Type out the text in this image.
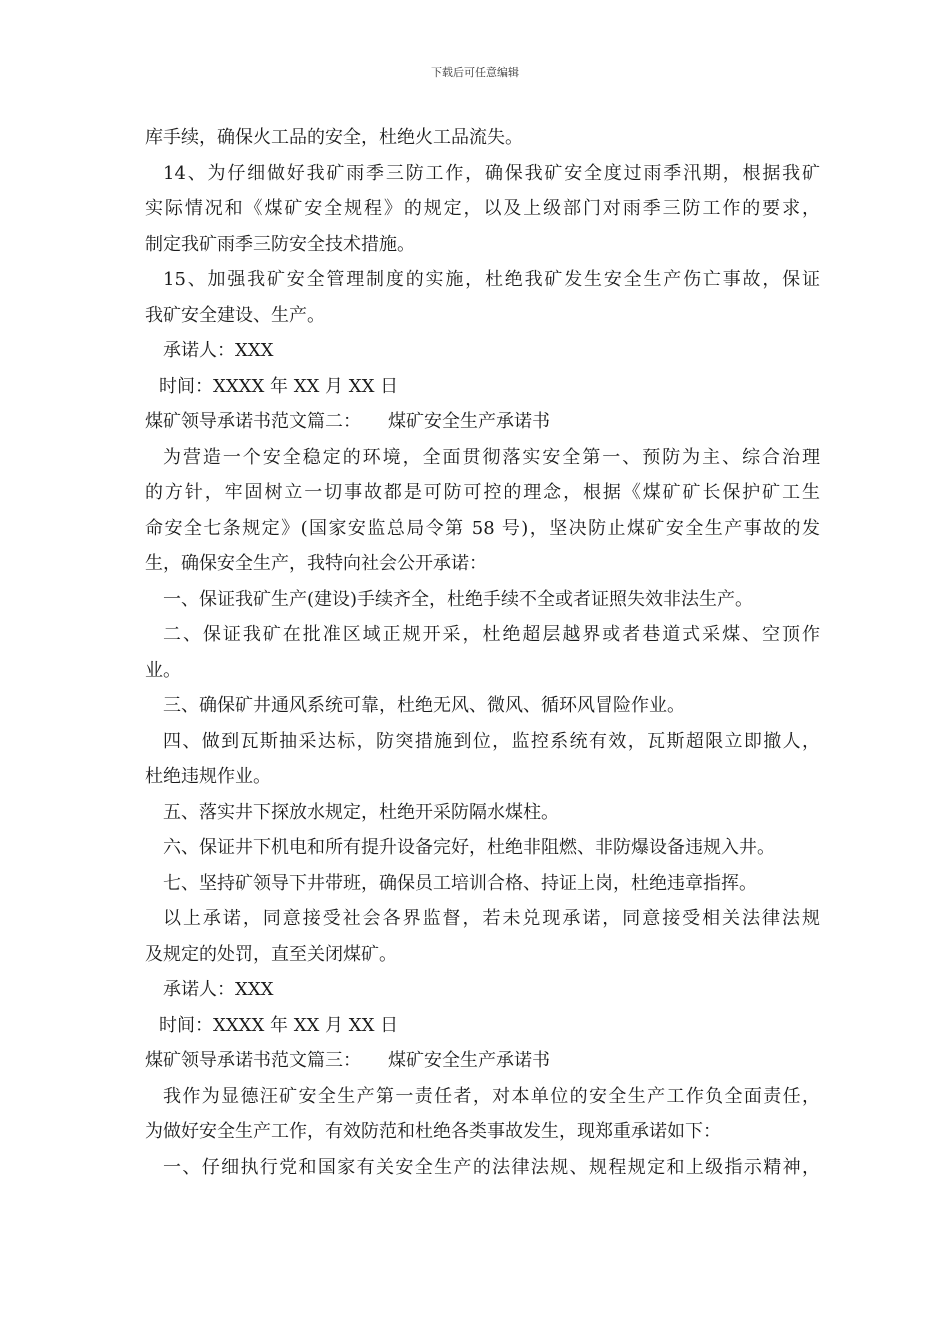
下载后可任意编辑
库手续，确保火工品的安全，杜绝火工品流失。
14、为仔细做好我矿雨季三防工作，确保我矿安全度过雨季汛期，根据我矿
实际情况和《煤矿安全规程》的规定，以及上级部门对雨季三防工作的要求，
制定我矿雨季三防安全技术措施。
15、加强我矿安全管理制度的实施，杜绝我矿发生安全生产伤亡事故，保证
我矿安全建设、生产。
承诺人：XXX
时间：XXXX 年 XX 月 XX 日
煤矿领导承诺书范文篇二：　　煤矿安全生产承诺书
为营造一个安全稳定的环境，全面贯彻落实安全第一、预防为主、综合治理
的方针，牢固树立一切事故都是可防可控的理念，根据《煤矿矿长保护矿工生
命安全七条规定》(国家安监总局令第 58 号)，坚决防止煤矿安全生产事故的发
生，确保安全生产，我特向社会公开承诺：
一、保证我矿生产(建设)手续齐全，杜绝手续不全或者证照失效非法生产。
二、保证我矿在批准区域正规开采，杜绝超层越界或者巷道式采煤、空顶作
业。
三、确保矿井通风系统可靠，杜绝无风、微风、循环风冒险作业。
四、做到瓦斯抽采达标，防突措施到位，监控系统有效，瓦斯超限立即撤人，
杜绝违规作业。
五、落实井下探放水规定，杜绝开采防隔水煤柱。
六、保证井下机电和所有提升设备完好，杜绝非阻燃、非防爆设备违规入井。
七、坚持矿领导下井带班，确保员工培训合格、持证上岗，杜绝违章指挥。
以上承诺，同意接受社会各界监督，若未兑现承诺，同意接受相关法律法规
及规定的处罚，直至关闭煤矿。
承诺人：XXX
时间：XXXX 年 XX 月 XX 日
煤矿领导承诺书范文篇三：　　煤矿安全生产承诺书
我作为显德汪矿安全生产第一责任者，对本单位的安全生产工作负全面责任，
为做好安全生产工作，有效防范和杜绝各类事故发生，现郑重承诺如下：
一、仔细执行党和国家有关安全生产的法律法规、规程规定和上级指示精神，
